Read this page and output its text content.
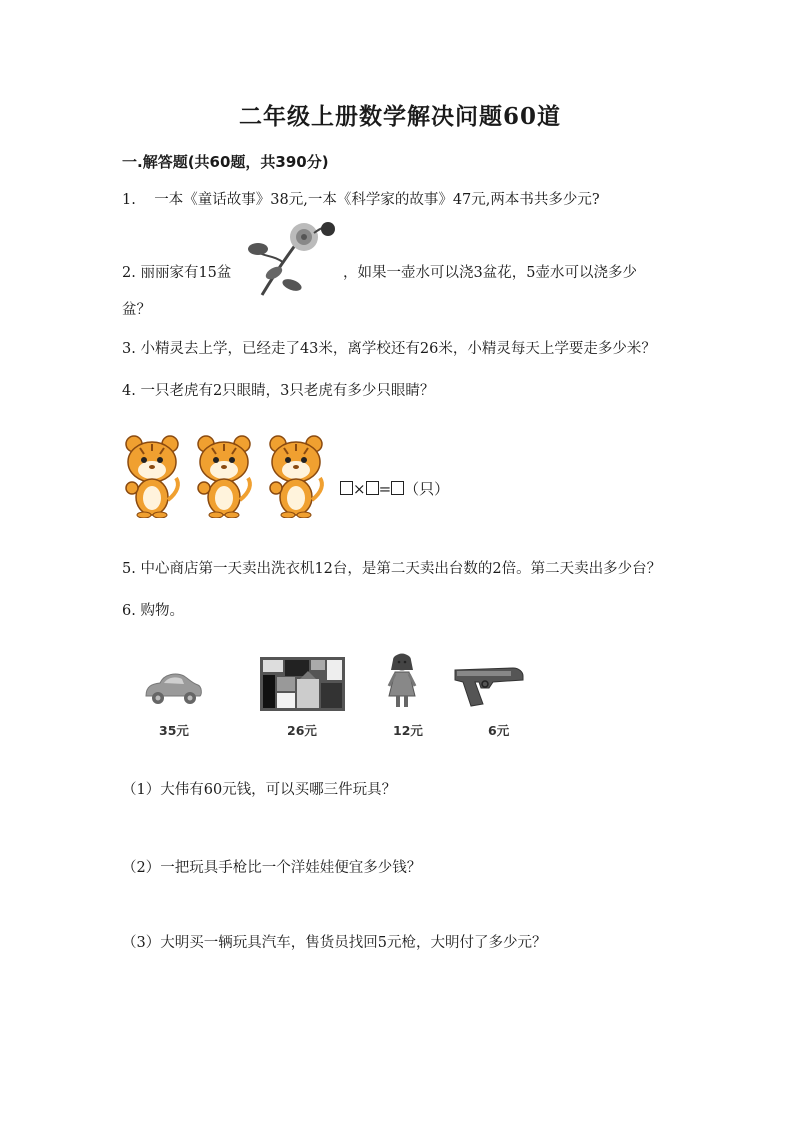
二年级上册数学解决问题60道
一.解答题(共60题，共390分)
1.    一本《童话故事》38元,一本《科学家的故事》47元,两本书共多少元?
2. 丽丽家有15盆	，如果一壶水可以浇3盆花，5壶水可以浇多少
盆？
3. 小精灵去上学，已经走了43米，离学校还有26米，小精灵每天上学要走多少米？
4. 一只老虎有2只眼睛，3只老虎有多少只眼睛？
× = （只）
5. 中心商店第一天卖出洗衣机12台，是第二天卖出台数的2倍。第二天卖出多少台？
6. 购物。
35元	26元	12元	6元
（1）大伟有60元钱，可以买哪三件玩具？
（2）一把玩具手枪比一个洋娃娃便宜多少钱？
（3）大明买一辆玩具汽车，售货员找回5元枪，大明付了多少元？
